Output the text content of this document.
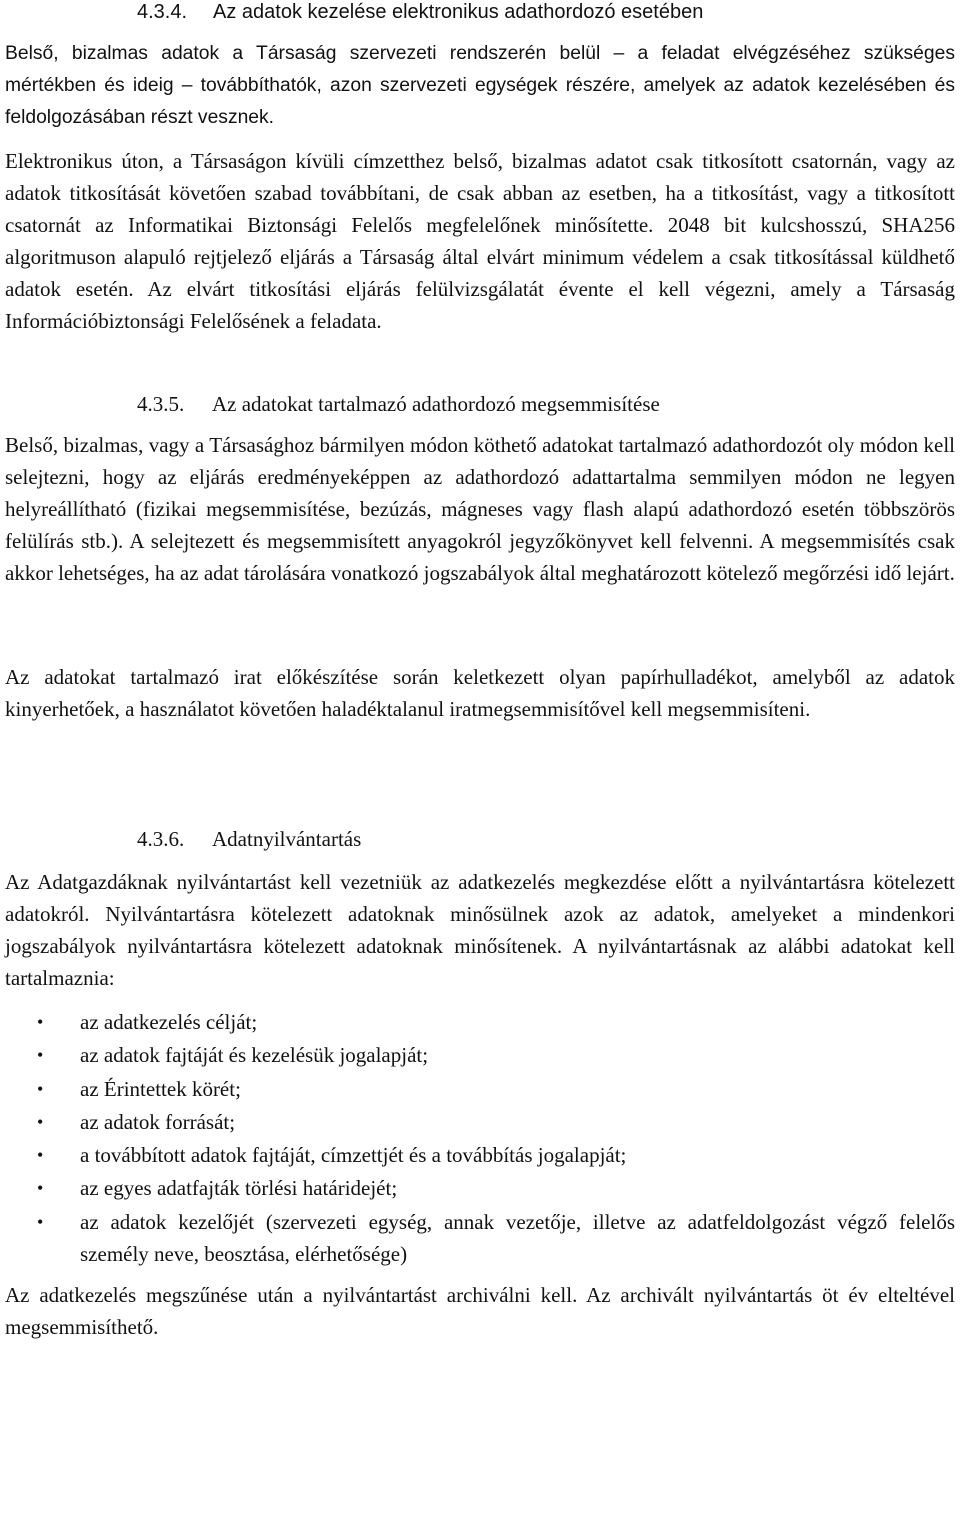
4.3.4. Az adatok kezelése elektronikus adathordozó esetében

Belső, bizalmas adatok a Társaság szervezeti rendszerén belül – a feladat elvégzéséhez szükséges mértékben és ideig – továbbíthatók, azon szervezeti egységek részére, amelyek az adatok kezelésében és feldolgozásában részt vesznek.

Elektronikus úton, a Társaságon kívüli címzetthez belső, bizalmas adatot csak titkosított csatornán, vagy az adatok titkosítását követően szabad továbbítani, de csak abban az esetben, ha a titkosítást, vagy a titkosított csatornát az Informatikai Biztonsági Felelős megfelelőnek minősítette. 2048 bit kulcshosszú, SHA256 algoritmuson alapuló rejtjelező eljárás a Társaság által elvárt minimum védelem a csak titkosítással küldhető adatok esetén. Az elvárt titkosítási eljárás felülvizsgálatát évente el kell végezni, amely a Társaság Információbiztonsági Felelősének a feladata.

4.3.5. Az adatokat tartalmazó adathordozó megsemmisítése

Belső, bizalmas, vagy a Társasághoz bármilyen módon köthető adatokat tartalmazó adathordozót oly módon kell selejtezni, hogy az eljárás eredményeképpen az adathordozó adattartalma semmilyen módon ne legyen helyreállítható (fizikai megsemmisítése, bezúzás, mágneses vagy flash alapú adathordozó esetén többszörös felülírás stb.). A selejtezett és megsemmisített anyagokról jegyzőkönyvet kell felvenni. A megsemmisítés csak akkor lehetséges, ha az adat tárolására vonatkozó jogszabályok által meghatározott kötelező megőrzési idő lejárt.

Az adatokat tartalmazó irat előkészítése során keletkezett olyan papírhulladékot, amelyből az adatok kinyerhetőek, a használatot követően haladéktalanul iratmegsemmisítővel kell megsemmisíteni.

4.3.6. Adatnyilvántartás

Az Adatgazdáknak nyilvántartást kell vezetniük az adatkezelés megkezdése előtt a nyilvántartásra kötelezett adatokról. Nyilvántartásra kötelezett adatoknak minősülnek azok az adatok, amelyeket a mindenkori jogszabályok nyilvántartásra kötelezett adatoknak minősítenek. A nyilvántartásnak az alábbi adatokat kell tartalmaznia:

• az adatkezelés célját;
• az adatok fajtáját és kezelésük jogalapját;
• az Érintettek körét;
• az adatok forrását;
• a továbbított adatok fajtáját, címzettjét és a továbbítás jogalapját;
• az egyes adatfajták törlési határidejét;
• az adatok kezelőjét (szervezeti egység, annak vezetője, illetve az adatfeldolgozást végző felelős személy neve, beosztása, elérhetősége)

Az adatkezelés megszűnése után a nyilvántartást archiválni kell. Az archivált nyilvántartás öt év elteltével megsemmisíthető.
